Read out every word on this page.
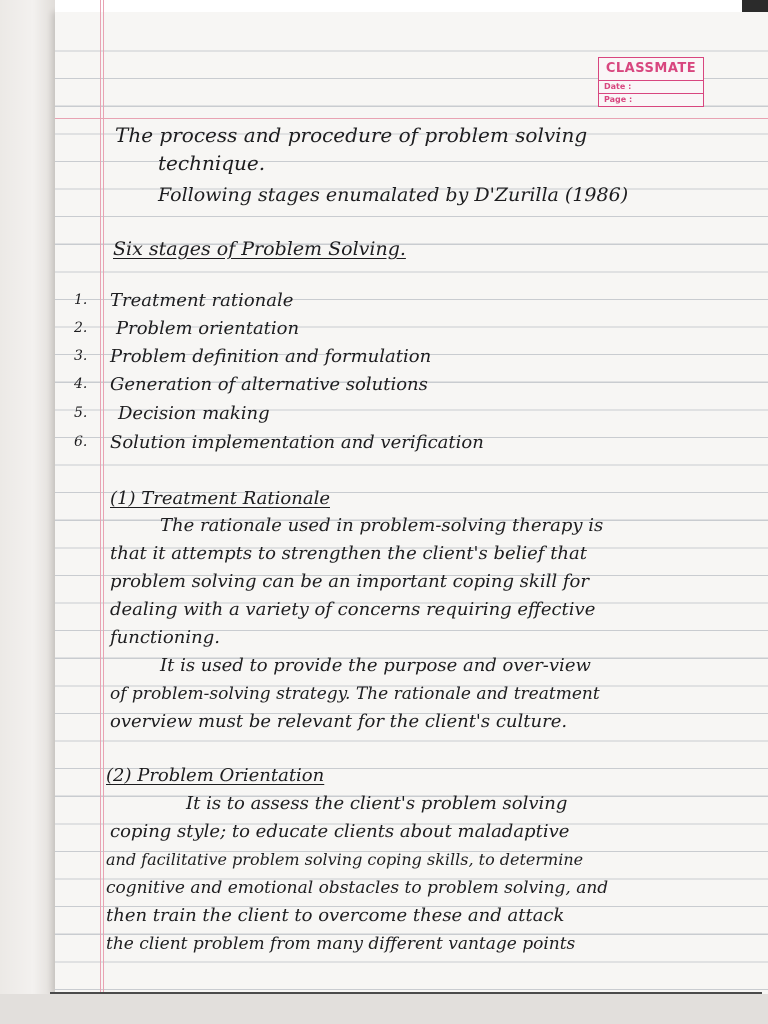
CLASSMATE
Date :
Page :
The process and procedure of problem solving
technique.
Following stages enumalated by D'Zurilla (1986)
Six stages of Problem Solving.
1. Treatment rationale
2. Problem orientation
3. Problem definition and formulation
4. Generation of alternative solutions
5. Decision making
6. Solution implementation and verification
(1) Treatment Rationale
The rationale used in problem-solving therapy is
that it attempts to strengthen the client's belief that
problem solving can be an important coping skill for
dealing with a variety of concerns requiring effective
functioning.
It is used to provide the purpose and over-view
of problem-solving strategy. The rationale and treatment
overview must be relevant for the client's culture.
(2) Problem Orientation
It is to assess the client's problem solving
coping style; to educate clients about maladaptive
and facilitative problem solving coping skills, to determine
cognitive and emotional obstacles to problem solving, and
then train the client to overcome these and attack
the client problem from many different vantage points
